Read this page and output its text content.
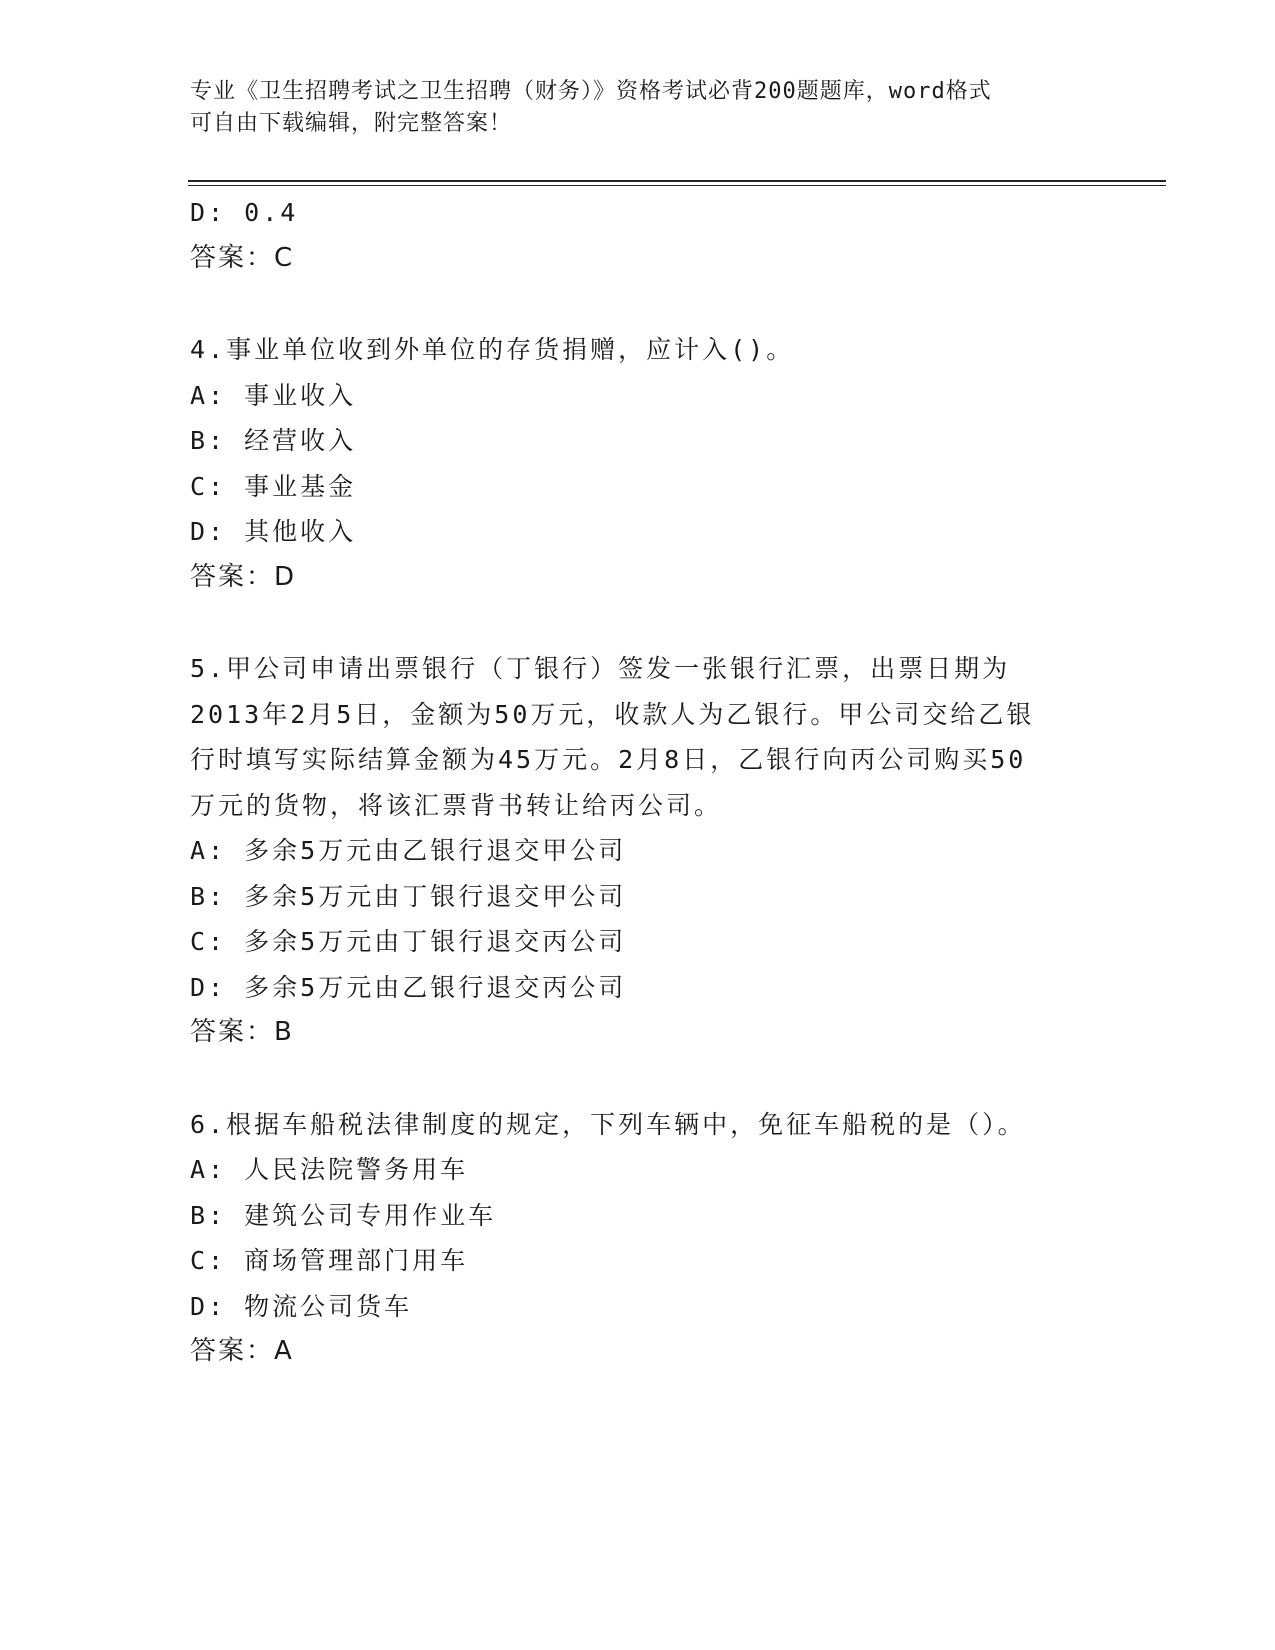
专业《卫生招聘考试之卫生招聘（财务）》资格考试必背200题题库，word格式
可自由下载编辑，附完整答案！
D: 0.4
答案：C
4.事业单位收到外单位的存货捐赠，应计入()。
A: 事业收入
B: 经营收入
C: 事业基金
D: 其他收入
答案：D
5.甲公司申请出票银行（丁银行）签发一张银行汇票，出票日期为
2013年2月5日，金额为50万元，收款人为乙银行。甲公司交给乙银
行时填写实际结算金额为45万元。2月8日，乙银行向丙公司购买50
万元的货物，将该汇票背书转让给丙公司。
A: 多余5万元由乙银行退交甲公司
B: 多余5万元由丁银行退交甲公司
C: 多余5万元由丁银行退交丙公司
D: 多余5万元由乙银行退交丙公司
答案：B
6.根据车船税法律制度的规定，下列车辆中，免征车船税的是（）。
A: 人民法院警务用车
B: 建筑公司专用作业车
C: 商场管理部门用车
D: 物流公司货车
答案：A
